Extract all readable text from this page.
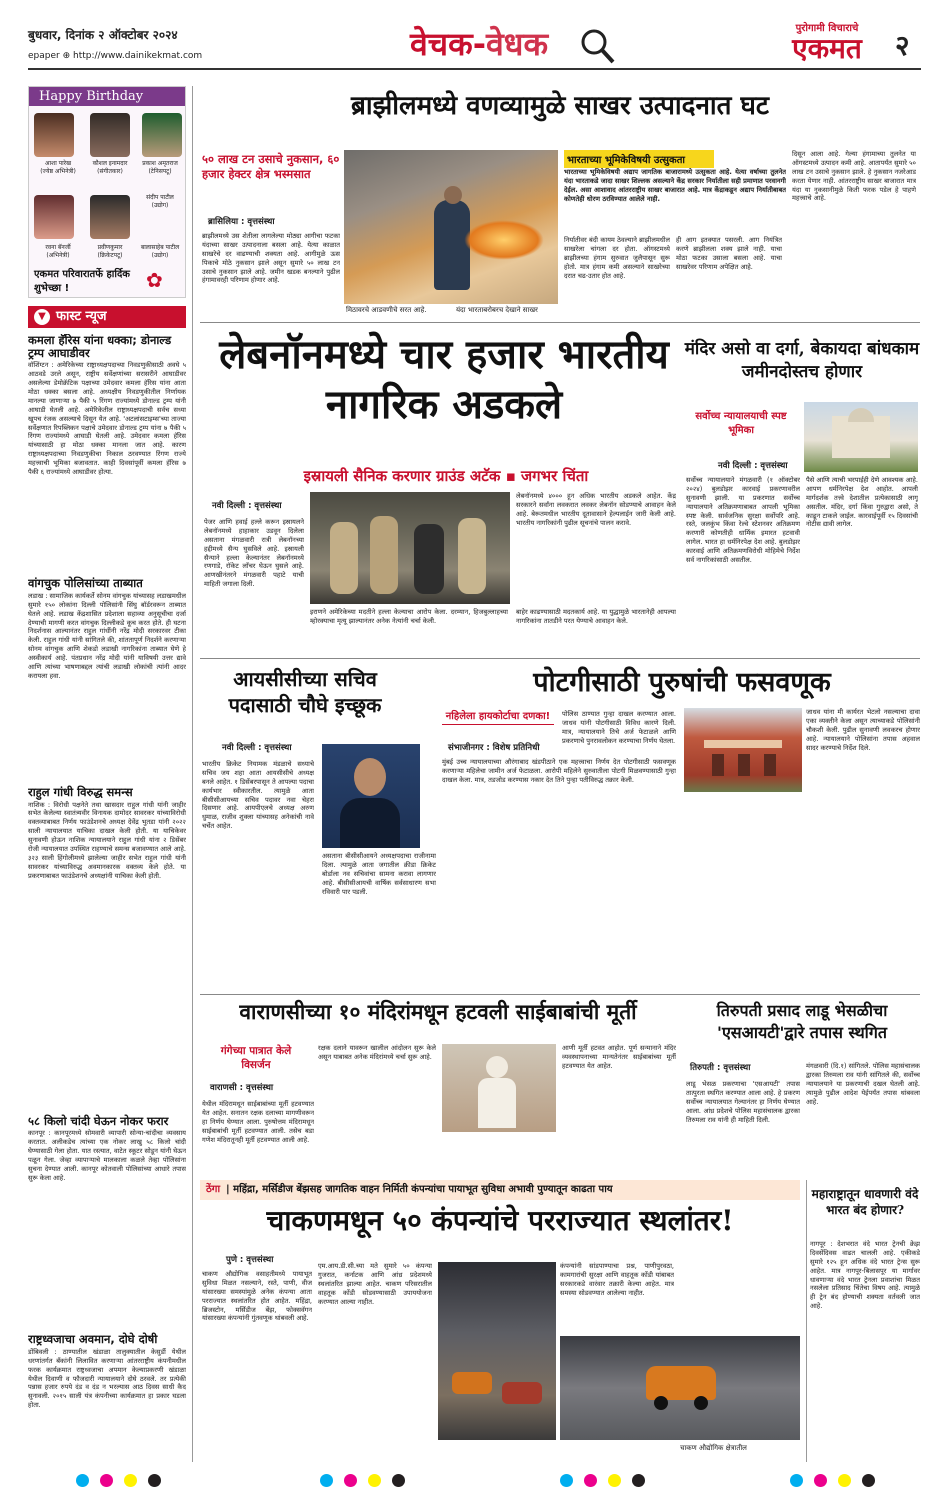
बुधवार, दिनांक २ ऑक्टोबर २०२४
epaper ⊕ http://www.dainikekmat.com	वेचक-वेधक	पुरोगामी विचाराचे
एकमत	२
Happy Birthday
आशा पारेख
(ज्येष्ठ अभिनेत्री)
कौशल इनामदार
(संगीतकार)
प्रकाश अमृतराज
(टेनिसपटू)
संदीप पाटील
(उद्योग)
रवना बॅनर्जी
(अभिनेत्री)
प्रवीणकुमार
(क्रिकेटपटू)
बालासाहेब पाटील
(उद्योग)
एकमत परिवारातर्फे हार्दिक शुभेच्छा !	✿
▼ फास्ट न्यूज
कमला हॅरिस यांना धक्का; डोनाल्ड ट्रम्प आघाडीवर
वॉशिंग्टन : अमेरिकेच्या राष्ट्राध्यक्षपदाच्या निवडणुकीसाठी अवघे ५ आठवडे उरले असून, राष्ट्रीय सर्वेक्षणांच्या सरासरीने आघाडीवर असलेल्या डेमोक्रॅटिक पक्षाच्या उमेदवार कमला हॅरिस यांना आता मोठा धक्का बसला आहे. अध्यक्षीय निवडणुकीतील निर्णायक मानल्या जाणाऱ्या ७ पैकी ५ रिंगण राज्यांमध्ये डोनाल्ड ट्रम्प यांनी आघाडी घेतली आहे. अमेरिकेतील राष्ट्राध्यक्षपदाची सर्वच सध्या खूपच रंजक असल्याचे दिसून येत आहे. 'अटलांसटाइम्स'च्या ताज्या सर्वेक्षणात रिपब्लिकन पक्षाचे उमेदवार डोनाल्ड ट्रम्प यांना ७ पैकी ५ रिंगण राज्यांमध्ये आघाडी घेतली आहे. उमेदवार कमला हॅरिस यांच्यासाठी हा मोठा धक्का मानला जात आहे. कारण राष्ट्राध्यक्षपदाच्या निवडणुकीचा निकाल ठरवण्यात रिंगण राज्ये महत्त्वाची भूमिका बजावतात. काही दिवसांपूर्वी कमला हॅरिस ७ पैकी ६ राज्यांमध्ये आघाडीवर होत्या.
वांगचुक पोलिसांच्या ताब्यात
लडाख : सामाजिक कार्यकर्ते सोनम वांगचुक यांच्यासह लडाखमधील सुमारे १५० लोकांना दिल्ली पोलिसांनी सिंघु बॉर्डरवरून ताब्यात घेतले आहे. लडाख केंद्रशासित प्रदेशाला सहाव्या अनुसूचीचा दर्जा देण्याची मागणी करत वांगचुक दिल्लीकडे कूच करत होते. ही घटना निदर्शनास आल्यानंतर राहुल गांधींनी नरेंद्र मोदी सरकारवर टीका केली. राहुल गांधी यांनी सांगितले की, शांततापूर्ण निदर्शने करणाऱ्या सोनम वांगचुक आणि शेकडो लडाखी नागरिकांना ताब्यात घेणे हे अस्वीकार्य आहे. पंतप्रधान नरेंद्र मोदी यांनी याविषयी उत्तर द्यावे आणि त्यांच्या भाषणाबद्दल त्यांची लडाखी लोकांची त्यांनी आदर करायला हवा.
राहुल गांधी विरुद्ध समन्स
नाशिक : विरोधी पक्षनेते तथा खासदार राहुल गांधी यांनी जाहीर सभेत केलेल्या स्वातंत्र्यवीर विनायक दामोदर सावरकर यांच्याविरोधी वक्तव्याबाबत निर्णय फाउंडेशनचे अध्यक्ष देवेंद्र भुतडा यांनी २०२२ साली न्यायालयात याचिका दाखल केली होती. या याचिकेवर सुनावणी होऊन नाशिक न्यायालयाने राहुल गांधी यांना २ डिसेंबर रोजी न्यायालयात उपस्थित राहण्याचे समन्स बजावण्यात आले आहे. ३२३ साली हिंगोलीमध्ये झालेल्या जाहीर सभेत राहुल गांधी यांनी सावरकर यांच्याविरुद्ध अवमानकारक वक्तव्य केले होते. या प्रकरणाबाबत फाउंडेशनचे अध्यक्षांनी याचिका केली होती.
५८ किलो चांदी घेऊन नोकर फरार
कानपूर : कानपूरमध्ये सोमवारी व्यापारी सोन्या-चांदीचा व्यवसाय करतात. अलीकडेच त्यांच्या एक नोकर लाखु ५८ किलो चांदी घेण्यासाठी गेला होता. यात रस्त्यात, वाटेत स्कूटर सोडून यांनी घेऊन पळून गेला. जेव्हा व्यापाऱ्याचे मालकाला कळले तेव्हा पोलिसांना सुचना देण्यात आली. कानपूर कोतवाली पोलिसांच्या आधारे तपास सुरू केला आहे.
राष्ट्रध्वजाचा अवमान, दोघे दोषी
डोंबिवली : ठाण्यातील खंडाळा तालुक्यातील केसुर्डी येथील धरणांतर्गत बँकांनी लिलावित करणाऱ्या आंतरराष्ट्रीय कंपनीमधील फरक कार्यक्रमात राष्ट्रध्वजाचा अपमान केल्याप्रकरणी खंडाळा येथील दिवाणी व फौजदारी न्यायालयाने दोघे ठरवले. तर प्रत्येकी पन्नास हजार रुपये दंड व दंड न भरल्यास आठ दिवस साधी कैद सुनावली. २०१५ साली यंत्र कंपनीच्या कार्यक्रमात हा प्रकार घडला होता.
ब्राझीलमध्ये वणव्यामुळे साखर उत्पादनात घट
५० लाख टन उसाचे नुकसान, ६० हजार हेक्टर क्षेत्र भस्मसात
ब्रासिलिया : वृत्तसंस्था
ब्राझीलमध्ये उस शेतीला लागलेल्या मोठ्या आगीचा फटका यंदाच्या साखर उत्पादनाला बसला आहे. येत्या काळात साखरेचे दर वाढण्याची शक्यता आहे. आगीमुळे ऊस पिकाचे मोठे नुकसान झाले असून सुमारे ५० लाख टन उसाचे नुकसान झाले आहे. जमीन खडक बनल्याने पुढील हंगामावरही परिणाम होणार आहे.
मिठावरचे आडवणीचे सरत आहे.	यंदा भारताबरोबरच देखाने साखर
भारताच्या भूमिकेविषयी उत्सुकता
भारताच्या भूमिकेविषयी अद्याप जागतिक बाजारामध्ये उत्सुकता आहे. येत्या वर्षाच्या तुलनेत यंदा भारताकडे जादा साखर शिल्लक असल्याने केंद्र सरकार निर्यातीला सही प्रमाणात परवानगी देईल. असा आशावाद आंतरराष्ट्रीय साखर बाजारात आहे. मात्र केंद्राकडून अद्याप निर्यातीबाबत कोणतेही धोरण ठरविण्यात आलेले नाही.
निर्यातीवर बंदी कायम ठेवल्याने ब्राझीलमधील साखरेला चांगला दर होता. ऑगस्टमध्ये ब्राझीलच्या हंगाम सुरुवात जुलैपासून सुरू होतो. मात्र हंगाम कमी असल्याने साखरेच्या दरात चढ-उतार होत आहे.
ही आग इतक्यात पसरली. आग नियंत्रित करणे ब्राझीलला शक्य झाले नाही. याचा मोठा फटका उसाला बसला आहे. याचा साखरेवर परिणाम अपेक्षित आहे.
दिसून आला आहे. गेल्या हंगामाच्या तुलनेत या ऑगस्टमध्ये उत्पादन कमी आहे. आतापर्यंत सुमारे ५० लाख टन उसाचे नुकसान झाले. हे नुकसान नजरेआड करता येणार नाही. आंतरराष्ट्रीय साखर बाजारात मात्र यंदा या नुकसानीमुळे किती फरक पडेल हे पाहणे महत्त्वाचे आहे.
लेबनॉनमध्ये चार हजार भारतीय नागरिक अडकले
इस्रायली सैनिक करणार ग्राउंड अटॅक ▪ जगभर चिंता
नवी दिल्ली : वृत्तसंस्था
पेजर आणि हवाई हल्ले करून इस्रायलने लेबनॉनमध्ये हाहाकार उडवून दिलेला असताना मंगळवारी रात्री लेबनॉनच्या हद्दीमध्ये सैन्य घुसविले आहे. इस्रायली सैन्याने हल्ला केल्यानंतर लेबनॉनमध्ये रणगाडे, रॉकेट लाँचर घेऊन घुसले आहे. आणखीनंतरने मंगळवारी पहाटे याची माहिती जगाला दिली.
इराणने अमेरिकेच्या मदतीने हल्ला केल्याचा आरोप केला. दरम्यान, हिजबुल्लाहच्या म्होरक्याचा मृत्यू झाल्यानंतर अनेक नेत्यांनी चर्चा केली.
लेबनॉनमध्ये ४००० हून अधिक भारतीय अडकले आहेत. केंद्र सरकारने सर्वांना लवकरात लवकर लेबनॉन सोडण्याचे आवाहन केले आहे. बेरूतमधील भारतीय दूतावासाने हेल्पलाईन जारी केली आहे. भारतीय नागरिकांनी पुढील सूचनांचे पालन करावे.
बाहेर काढण्यासाठी मदतकार्य आहे. या युद्धामुळे भारतानेही आपल्या नागरिकांना तातडीने परत येण्याचे आवाहन केले.
मंदिर असो वा दर्गा, बेकायदा बांधकाम जमीनदोस्तच होणार
सर्वोच्च न्यायालयाची स्पष्ट भूमिका
नवी दिल्ली : वृत्तसंस्था
सर्वोच्च न्यायालयाने मंगळवारी (१ ऑक्टोबर २०२४) बुलडोझर कारवाई प्रकरणावरील सुनावणी झाली. या प्रकरणात सर्वोच्च न्यायालयाने अतिक्रमणाबाबत आपली भूमिका स्पष्ट केली. सार्वजनिक सुरक्षा सर्वोपरि आहे. रस्ते, जलकुंभ किंवा रेल्वे स्टेशनवर अतिक्रमण करणारी कोणतीही धार्मिक इमारत हटवावी लागेल. भारत हा धर्मनिरपेक्ष देश आहे. बुलडोझर कारवाई आणि अतिक्रमणविरोधी मोहिमेचे निर्देश सर्व नागरिकांसाठी असतील.
पैसे आणि त्याची भरपाईही देणे आवश्यक आहे. आपण धर्मनिरपेक्ष देश आहोत. आपली मार्गदर्शक तत्त्वे देशातील प्रत्येकासाठी लागू असतील. मंदिर, दर्गा किंवा गुरुद्वारा असो, ते काढून टाकले जाईल. कारवाईपूर्वी १५ दिवसांची नोटीस द्यावी लागेल.
आयसीसीच्या सचिव पदासाठी चौघे इच्छूक
नवी दिल्ली : वृत्तसंस्था
भारतीय क्रिकेट नियामक मंडळाचे सध्याचे सचिव जय शहा आता आयसीसीचे अध्यक्ष बनले आहेत. १ डिसेंबरपासून ते आपल्या पदाचा कार्यभार स्वीकारतील. त्यामुळे आता बीसीसीआयच्या सचिव पदावर नवा चेहरा दिसणार आहे. आयपीएलचे अध्यक्ष अरुण धुमाळ, राजीव शुक्ला यांच्यासह अनेकांची नावे चर्चेत आहेत.
असताना बीसीसीआयने अध्यक्षपदाचा राजीनामा दिला. त्यामुळे आता जगातील क्रीडा क्रिकेट बोर्डाला नव सचिवांचा सामना करावा लागणार आहे. बीसीसीआयची वार्षिक सर्वसाधारण सभा रविवारी पार पडली.
पोटगीसाठी पुरुषांची फसवणूक
नहिलेला हायकोर्टाचा दणका!
संभाजीनगर : विशेष प्रतिनिधी
मुंबई उच्च न्यायालयाच्या औरंगाबाद खंडपीठाने एक महत्त्वाचा निर्णय देत पोटगीसाठी फसवणूक करणाऱ्या महिलेचा जामीन अर्ज फेटाळला. आरोपी महिलेने सुरुवातीला पोटगी मिळवण्यासाठी गुन्हा दाखल केला. मात्र, तडजोड करण्यास नकार देत तिने पुन्हा पतीविरुद्ध तक्रार केली.
पोलिस ठाण्यात गुन्हा दाखल करण्यात आला. जाधव यांनी पोटगीसाठी विविध कारणे दिली. मात्र, न्यायालयाने तिचे अर्ज फेटाळले आणि प्रकरणाचे पुनरावलोकन करण्याचा निर्णय घेतला.
जाधव यांना मी कार्यरत भेटलो नसल्याचा दावा एका व्यक्तीने केला असून त्याच्याकडे पोलिसांनी चौकशी केली. पुढील सुनावणी लवकरच होणार आहे. न्यायालयाने पोलिसांना तपास अहवाल सादर करण्याचे निर्देश दिले.
वाराणसीच्या १० मंदिरांमधून हटवली साईबाबांची मूर्ती
गंगेच्या पात्रात केले विसर्जन
वाराणसी : वृत्तसंस्था
येथील मंदिरामधून साईबाबांच्या मूर्ती हटवण्यात येत आहेत. सनातन रक्षक दलाच्या मागणीवरून हा निर्णय घेण्यात आला. पुरुषोत्तम मंदिरामधून साईबाबांची मूर्ती हटवण्यात आली. तसेच बडा गणेश मंदिरातूनही मूर्ती हटवण्यात आली आहे.
रक्षक दलाने यावरून खालील आंदोलन सुरू केले असून याबाबत अनेक मंदिरांमध्ये चर्चा सुरू आहे.
आणी मूर्ती हटवत आहोत. पूर्ण सन्मानाने मंदिर व्यवस्थापनाच्या मान्यतेनंतर साईबाबांच्या मूर्ती हटवण्यात येत आहेत.
तिरुपती प्रसाद लाडू भेसळीचा 'एसआयटी'द्वारे तपास स्थगित
तिरुपती : वृत्तसंस्था
लाडू भेसळ प्रकरणाचा 'एसआयटी' तपास तात्पुरता स्थगित करण्यात आला आहे. हे प्रकरण सर्वोच्च न्यायालयात गेल्यानंतर हा निर्णय घेण्यात आला. आंध्र प्रदेशचे पोलिस महासंचालक द्वारका तिरुमला राव यांनी ही माहिती दिली.
मंगळवारी (दि.१) सांगितले. पोलिस महासंचालक द्वारका तिरुमला राव यांनी सांगितले की, सर्वोच्च न्यायालयाने या प्रकरणाची दखल घेतली आहे. त्यामुळे पुढील आदेश येईपर्यंत तपास थांबवला आहे.
ठेंगा | महिंद्रा, मर्सिडीज बेंझसह जागतिक वाहन निर्मिती कंपन्यांचा पायाभूत सुविधा अभावी पुण्यातून काढता पाय
चाकणमधून ५० कंपन्यांचे परराज्यात स्थलांतर!
पुणे : वृत्तसंस्था
चाकण औद्योगिक वसाहतीमध्ये पायाभूत सुविधा मिळत नसल्याने, रस्ते, पाणी, वीज यांसारख्या समस्यांमुळे अनेक कंपन्या आता परराज्यात स्थलांतरित होत आहेत. महिंद्रा, ब्रिजस्टोन, मर्सिडीज बेंझ, फोक्सवॅगन यांसारख्या कंपन्यांनी गुंतवणूक थांबवली आहे.
एम.आय.डी.सी.च्या मते सुमारे ५० कंपन्या गुजरात, कर्नाटक आणि आंध्र प्रदेशमध्ये स्थलांतरित झाल्या आहेत. चाकण परिसरातील वाहतूक कोंडी सोडवण्यासाठी उपाययोजना करण्यात आल्या नाहीत.
कंपन्यांनी सांडपाण्याचा प्रश्न, पाणीपुरवठा, कामगारांची सुरक्षा आणि वाहतूक कोंडी यांबाबत सरकारकडे वारंवार तक्रारी केल्या आहेत. मात्र समस्या सोडवण्यात आलेल्या नाहीत.
चाकण औद्योगिक क्षेत्रातील
महाराष्ट्रातून धावणारी वंदे भारत बंद होणार?
नागपूर : देशभरात वंदे भारत ट्रेनची क्रेझ दिवसेंदिवस वाढत चालली आहे. एकीकडे सुमारे १२५ हून अधिक वंदे भारत ट्रेन्स सुरू आहेत. मात्र नागपूर-बिलासपूर या मार्गावर धावणाऱ्या वंदे भारत ट्रेनला प्रवाशांचा मिळत नसलेला प्रतिसाद चिंतेचा विषय आहे. त्यामुळे ही ट्रेन बंद होण्याची शक्यता वर्तवली जात आहे.
